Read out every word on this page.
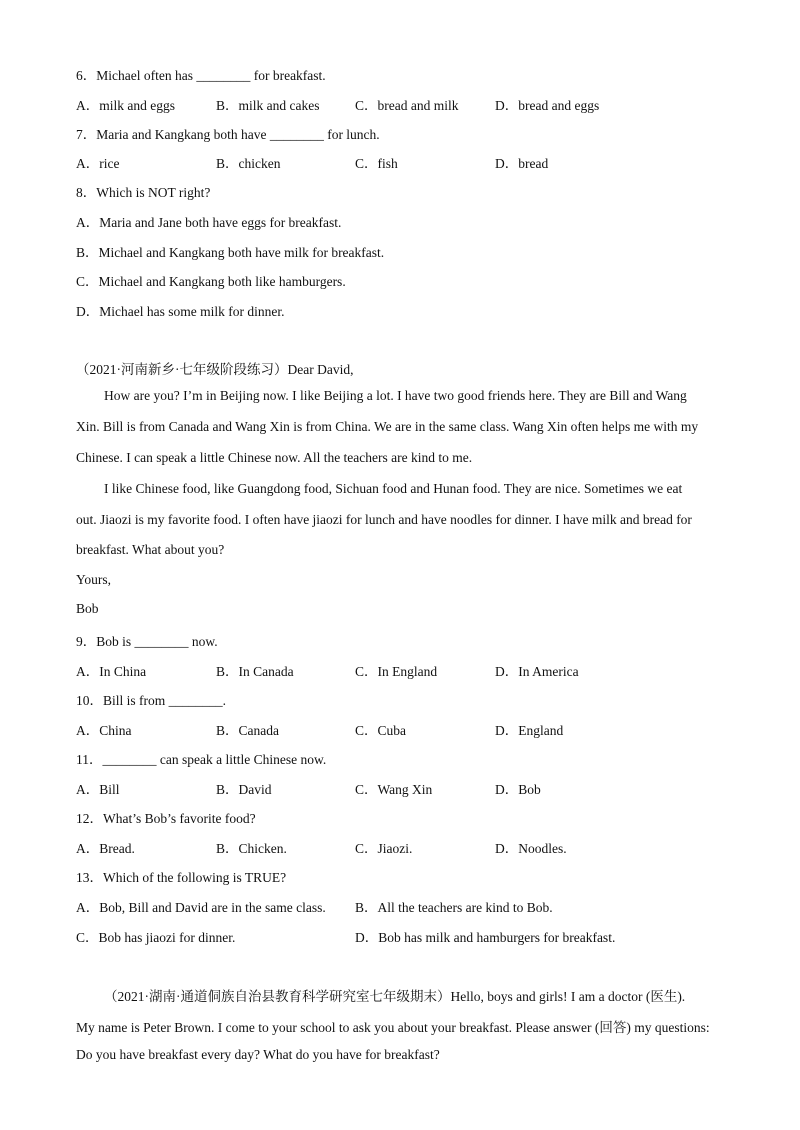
6．Michael often has ________ for breakfast.
A．milk and eggs	B．milk and cakes	C．bread and milk	D．bread and eggs
7．Maria and Kangkang both have ________ for lunch.
A．rice	B．chicken	C．fish	D．bread
8．Which is NOT right?
A．Maria and Jane both have eggs for breakfast.
B．Michael and Kangkang both have milk for breakfast.
C．Michael and Kangkang both like hamburgers.
D．Michael has some milk for dinner.
（2021·河南新乡·七年级阶段练习）Dear David,
How are you? I’m in Beijing now. I like Beijing a lot. I have two good friends here. They are Bill and Wang
Xin. Bill is from Canada and Wang Xin is from China. We are in the same class. Wang Xin often helps me with my
Chinese. I can speak a little Chinese now. All the teachers are kind to me.
I like Chinese food, like Guangdong food, Sichuan food and Hunan food. They are nice. Sometimes we eat
out. Jiaozi is my favorite food. I often have jiaozi for lunch and have noodles for dinner. I have milk and bread for
breakfast. What about you?
Yours,
Bob
9．Bob is ________ now.
A．In China	B．In Canada	C．In England	D．In America
10．Bill is from ________.
A．China	B．Canada	C．Cuba	D．England
11．________ can speak a little Chinese now.
A．Bill	B．David	C．Wang Xin	D．Bob
12．What’s Bob’s favorite food?
A．Bread.	B．Chicken.	C．Jiaozi.	D．Noodles.
13．Which of the following is TRUE?
A．Bob, Bill and David are in the same class. B．All the teachers are kind to Bob.
C．Bob has jiaozi for dinner.	D．Bob has milk and hamburgers for breakfast.
（2021·湖南·通道侗族自治县教育科学研究室七年级期末）Hello, boys and girls! I am a doctor (医生).
My name is Peter Brown. I come to your school to ask you about your breakfast. Please answer (回答) my questions:
Do you have breakfast every day? What do you have for breakfast?
